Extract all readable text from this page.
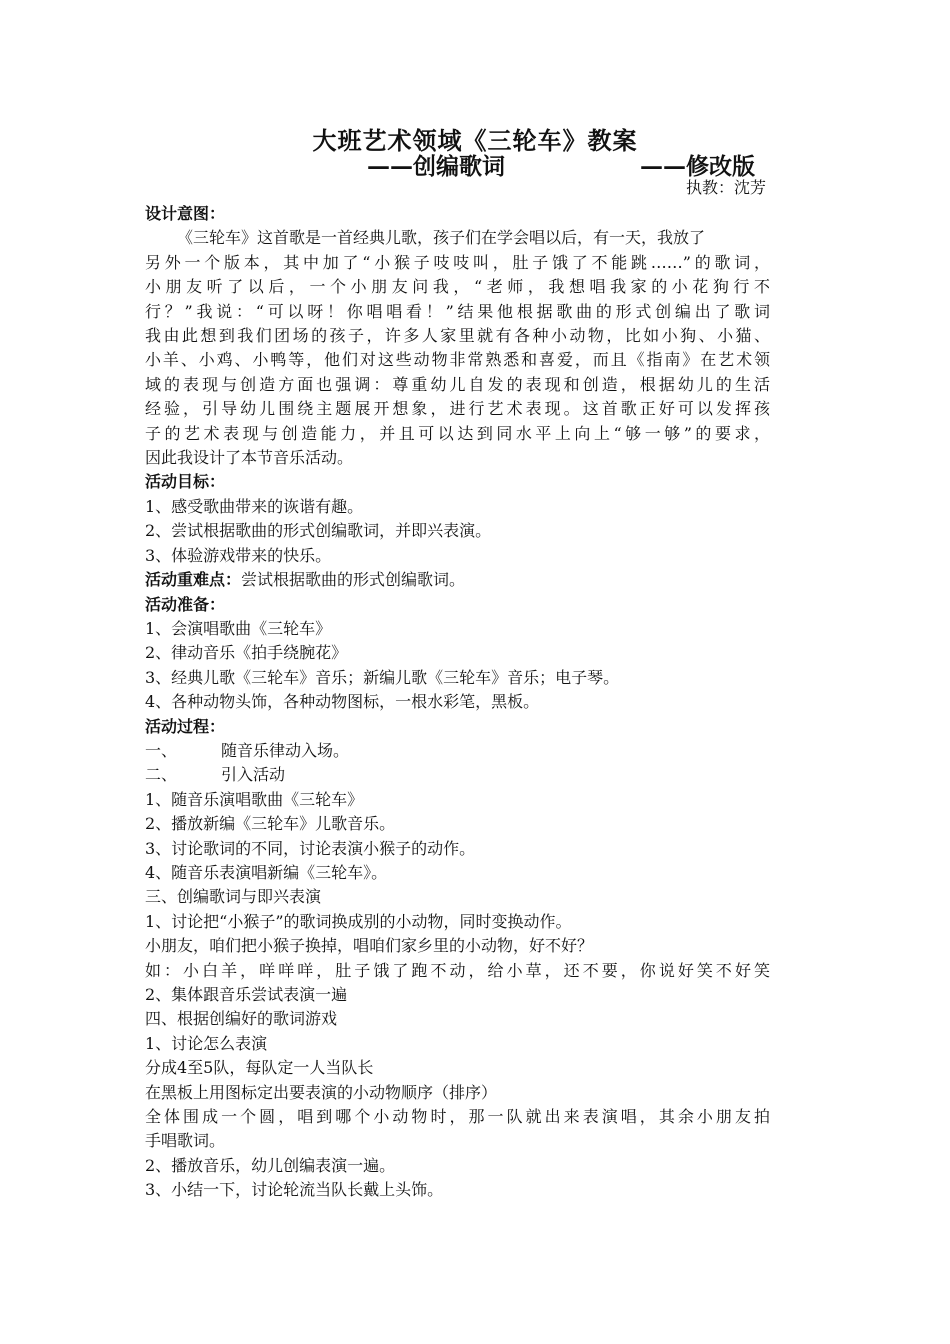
大班艺术领域《三轮车》教案
——创编歌词	——修改版
执教：沈芳

设计意图：

《三轮车》这首歌是一首经典儿歌，孩子们在学会唱以后，有一天，我放了

另外一个版本，其中加了“小猴子吱吱叫，肚子饿了不能跳……”的歌词，

小朋友听了以后，一个小朋友问我，“老师，我想唱我家的小花狗行不

行？”我说：“可以呀！你唱唱看！”结果他根据歌曲的形式创编出了歌词

我由此想到我们团场的孩子，许多人家里就有各种小动物，比如小狗、小猫、

小羊、小鸡、小鸭等，他们对这些动物非常熟悉和喜爱，而且《指南》在艺术领

域的表现与创造方面也强调：尊重幼儿自发的表现和创造，根据幼儿的生活

经验，引导幼儿围绕主题展开想象，进行艺术表现。这首歌正好可以发挥孩

子的艺术表现与创造能力，并且可以达到同水平上向上“够一够”的要求，

因此我设计了本节音乐活动。

活动目标：

1、感受歌曲带来的诙谐有趣。

2、尝试根据歌曲的形式创编歌词，并即兴表演。

3、体验游戏带来的快乐。

活动重难点：尝试根据歌曲的形式创编歌词。

活动准备：

1、会演唱歌曲《三轮车》

2、律动音乐《拍手绕腕花》

3、经典儿歌《三轮车》音乐；新编儿歌《三轮车》音乐；电子琴。

4、各种动物头饰，各种动物图标，一根水彩笔，黑板。

活动过程：

一、	随音乐律动入场。

二、	引入活动

1、随音乐演唱歌曲《三轮车》

2、播放新编《三轮车》儿歌音乐。

3、讨论歌词的不同，讨论表演小猴子的动作。

4、随音乐表演唱新编《三轮车》。

三、创编歌词与即兴表演

1、讨论把“小猴子”的歌词换成别的小动物，同时变换动作。

小朋友，咱们把小猴子换掉，唱咱们家乡里的小动物，好不好？

如：小白羊，咩咩咩，肚子饿了跑不动，给小草，还不要，你说好笑不好笑

2、集体跟音乐尝试表演一遍

四、根据创编好的歌词游戏

1、讨论怎么表演

分成4至5队，每队定一人当队长

在黑板上用图标定出要表演的小动物顺序（排序）

全体围成一个圆，唱到哪个小动物时，那一队就出来表演唱，其余小朋友拍

手唱歌词。

2、播放音乐，幼儿创编表演一遍。

3、小结一下，讨论轮流当队长戴上头饰。
